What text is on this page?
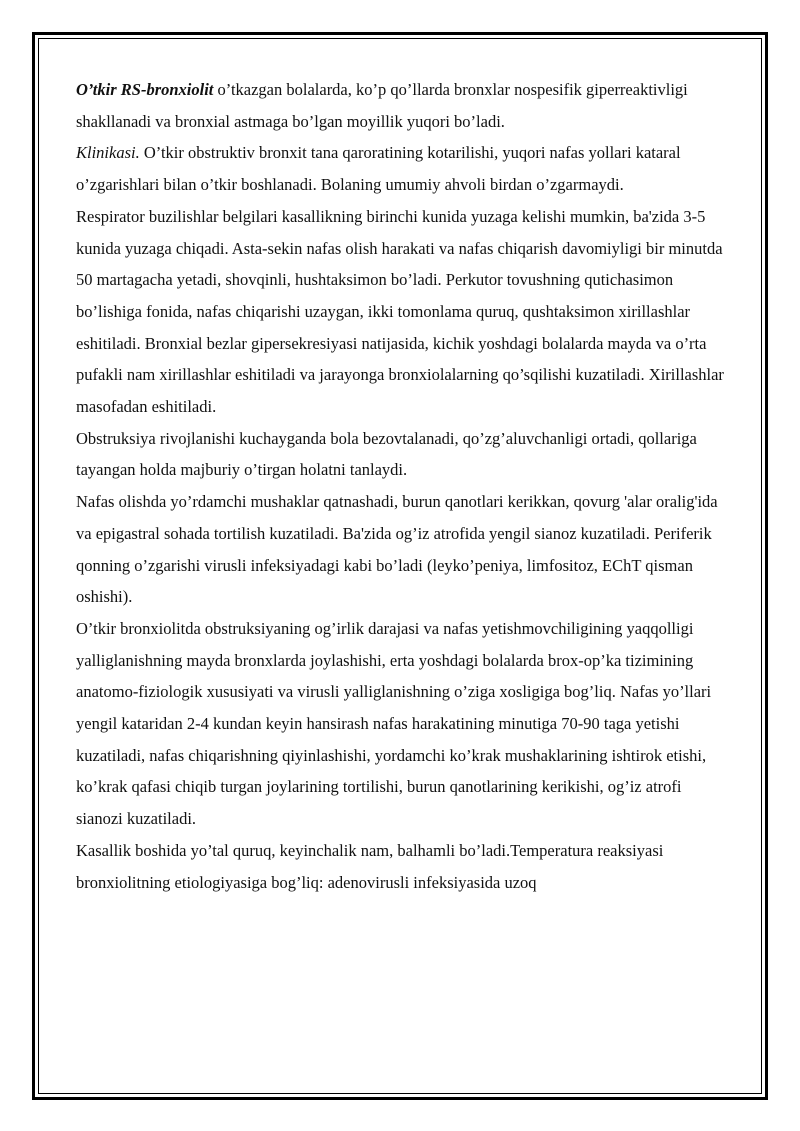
O’tkir RS-bronxiolit o’tkazgan bolalarda, ko’p qo’llarda bronxlar nospesifik giperreaktivligi shakllanadi va bronxial astmaga bo’lgan moyillik yuqori bo’ladi.

Klinikasi. O’tkir obstruktiv bronxit tana qaroratining kotarilishi, yuqori nafas yollari kataral o’zgarishlari bilan o’tkir boshlanadi. Bolaning umumiy ahvoli birdan o’zgarmaydi.

Respirator buzilishlar belgilari kasallikning birinchi kunida yuzaga kelishi mumkin, ba'zida 3-5 kunida yuzaga chiqadi. Asta-sekin nafas olish harakati va nafas chiqarish davomiyligi bir minutda 50 martagacha yetadi, shovqinli, hushtaksimon bo’ladi. Perkutor tovushning qutichasimon bo’lishiga fonida, nafas chiqarishi uzaygan, ikki tomonlama quruq, qushtaksimon xirillashlar eshitiladi. Bronxial bezlar gipersekresiyasi natijasida, kichik yoshdagi bolalarda mayda va o’rta pufakli nam xirillashlar eshitiladi va jarayonga bronxiolalarning qo’sqilishi kuzatiladi. Xirillashlar masofadan eshitiladi.

Obstruksiya rivojlanishi kuchayganda bola bezovtalanadi, qo’zg’aluvchanligi ortadi, qollariga tayangan holda majburiy o’tirgan holatni tanlaydi.

Nafas olishda yo’rdamchi mushaklar qatnashadi, burun qanotlari kerikkan, qovurg 'alar oralig'ida va epigastral sohada tortilish kuzatiladi. Ba'zida og’iz atrofida yengil sianoz kuzatiladi. Periferik qonning o’zgarishi virusli infeksiyadagi kabi bo’ladi (leyko’peniya, limfositoz, EChT qisman oshishi).

O’tkir bronxiolitda obstruksiyaning og’irlik darajasi va nafas yetishmovchiligining yaqqolligi yalliglanishning mayda bronxlarda joylashishi, erta yoshdagi bolalarda brox-op’ka tizimining anatomo-fiziologik xususiyati va virusli yalliglanishning o’ziga xosligiga bog’liq. Nafas yo’llari yengil kataridan 2-4 kundan keyin hansirash nafas harakatining minutiga 70-90 taga yetishi kuzatiladi, nafas chiqarishning qiyinlashishi, yordamchi ko’krak mushaklarining ishtirok etishi, ko’krak qafasi chiqib turgan joylarining tortilishi, burun qanotlarining kerikishi, og’iz atrofi sianozi kuzatiladi.

Kasallik boshida yo’tal quruq, keyinchalik nam, balhamli bo’ladi.Temperatura reaksiyasi bronxiolitning etiologiyasiga bog’liq: adenovirusli infeksiyasida uzoq
